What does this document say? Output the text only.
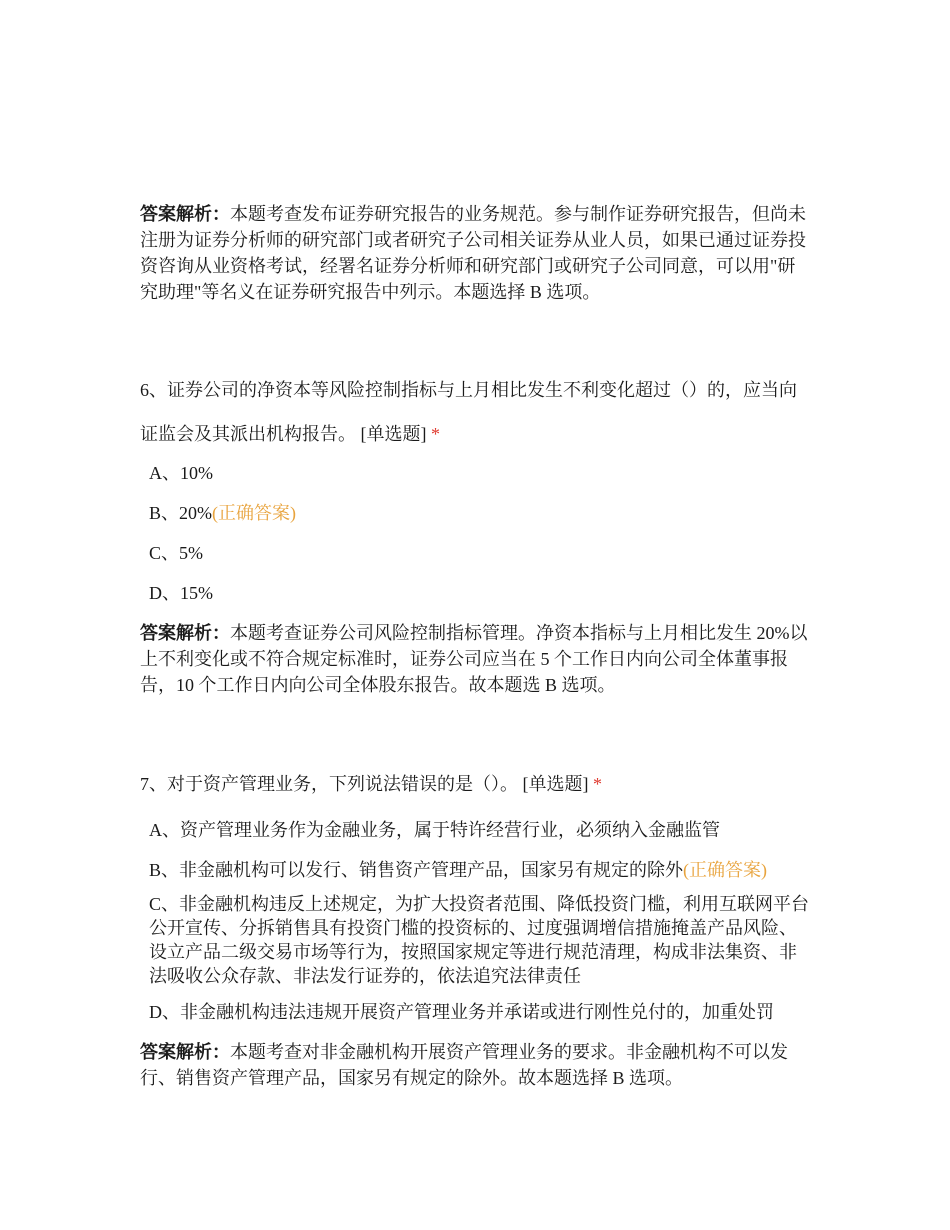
答案解析：本题考查发布证券研究报告的业务规范。参与制作证券研究报告，但尚未注册为证券分析师的研究部门或者研究子公司相关证券从业人员，如果已通过证券投资咨询从业资格考试，经署名证券分析师和研究部门或研究子公司同意，可以用"研究助理"等名义在证券研究报告中列示。本题选择 B 选项。
6、证券公司的净资本等风险控制指标与上月相比发生不利变化超过（）的，应当向证监会及其派出机构报告。 [单选题] *
A、10%
B、20%(正确答案)
C、5%
D、15%
答案解析：本题考查证券公司风险控制指标管理。净资本指标与上月相比发生 20%以上不利变化或不符合规定标准时，证券公司应当在 5 个工作日内向公司全体董事报告，10 个工作日内向公司全体股东报告。故本题选 B 选项。
7、对于资产管理业务，下列说法错误的是（）。 [单选题] *
A、资产管理业务作为金融业务，属于特许经营行业，必须纳入金融监管
B、非金融机构可以发行、销售资产管理产品，国家另有规定的除外(正确答案)
C、非金融机构违反上述规定，为扩大投资者范围、降低投资门槛，利用互联网平台公开宣传、分拆销售具有投资门槛的投资标的、过度强调增信措施掩盖产品风险、设立产品二级交易市场等行为，按照国家规定等进行规范清理，构成非法集资、非法吸收公众存款、非法发行证券的，依法追究法律责任
D、非金融机构违法违规开展资产管理业务并承诺或进行刚性兑付的，加重处罚
答案解析：本题考查对非金融机构开展资产管理业务的要求。非金融机构不可以发行、销售资产管理产品，国家另有规定的除外。故本题选择 B 选项。
